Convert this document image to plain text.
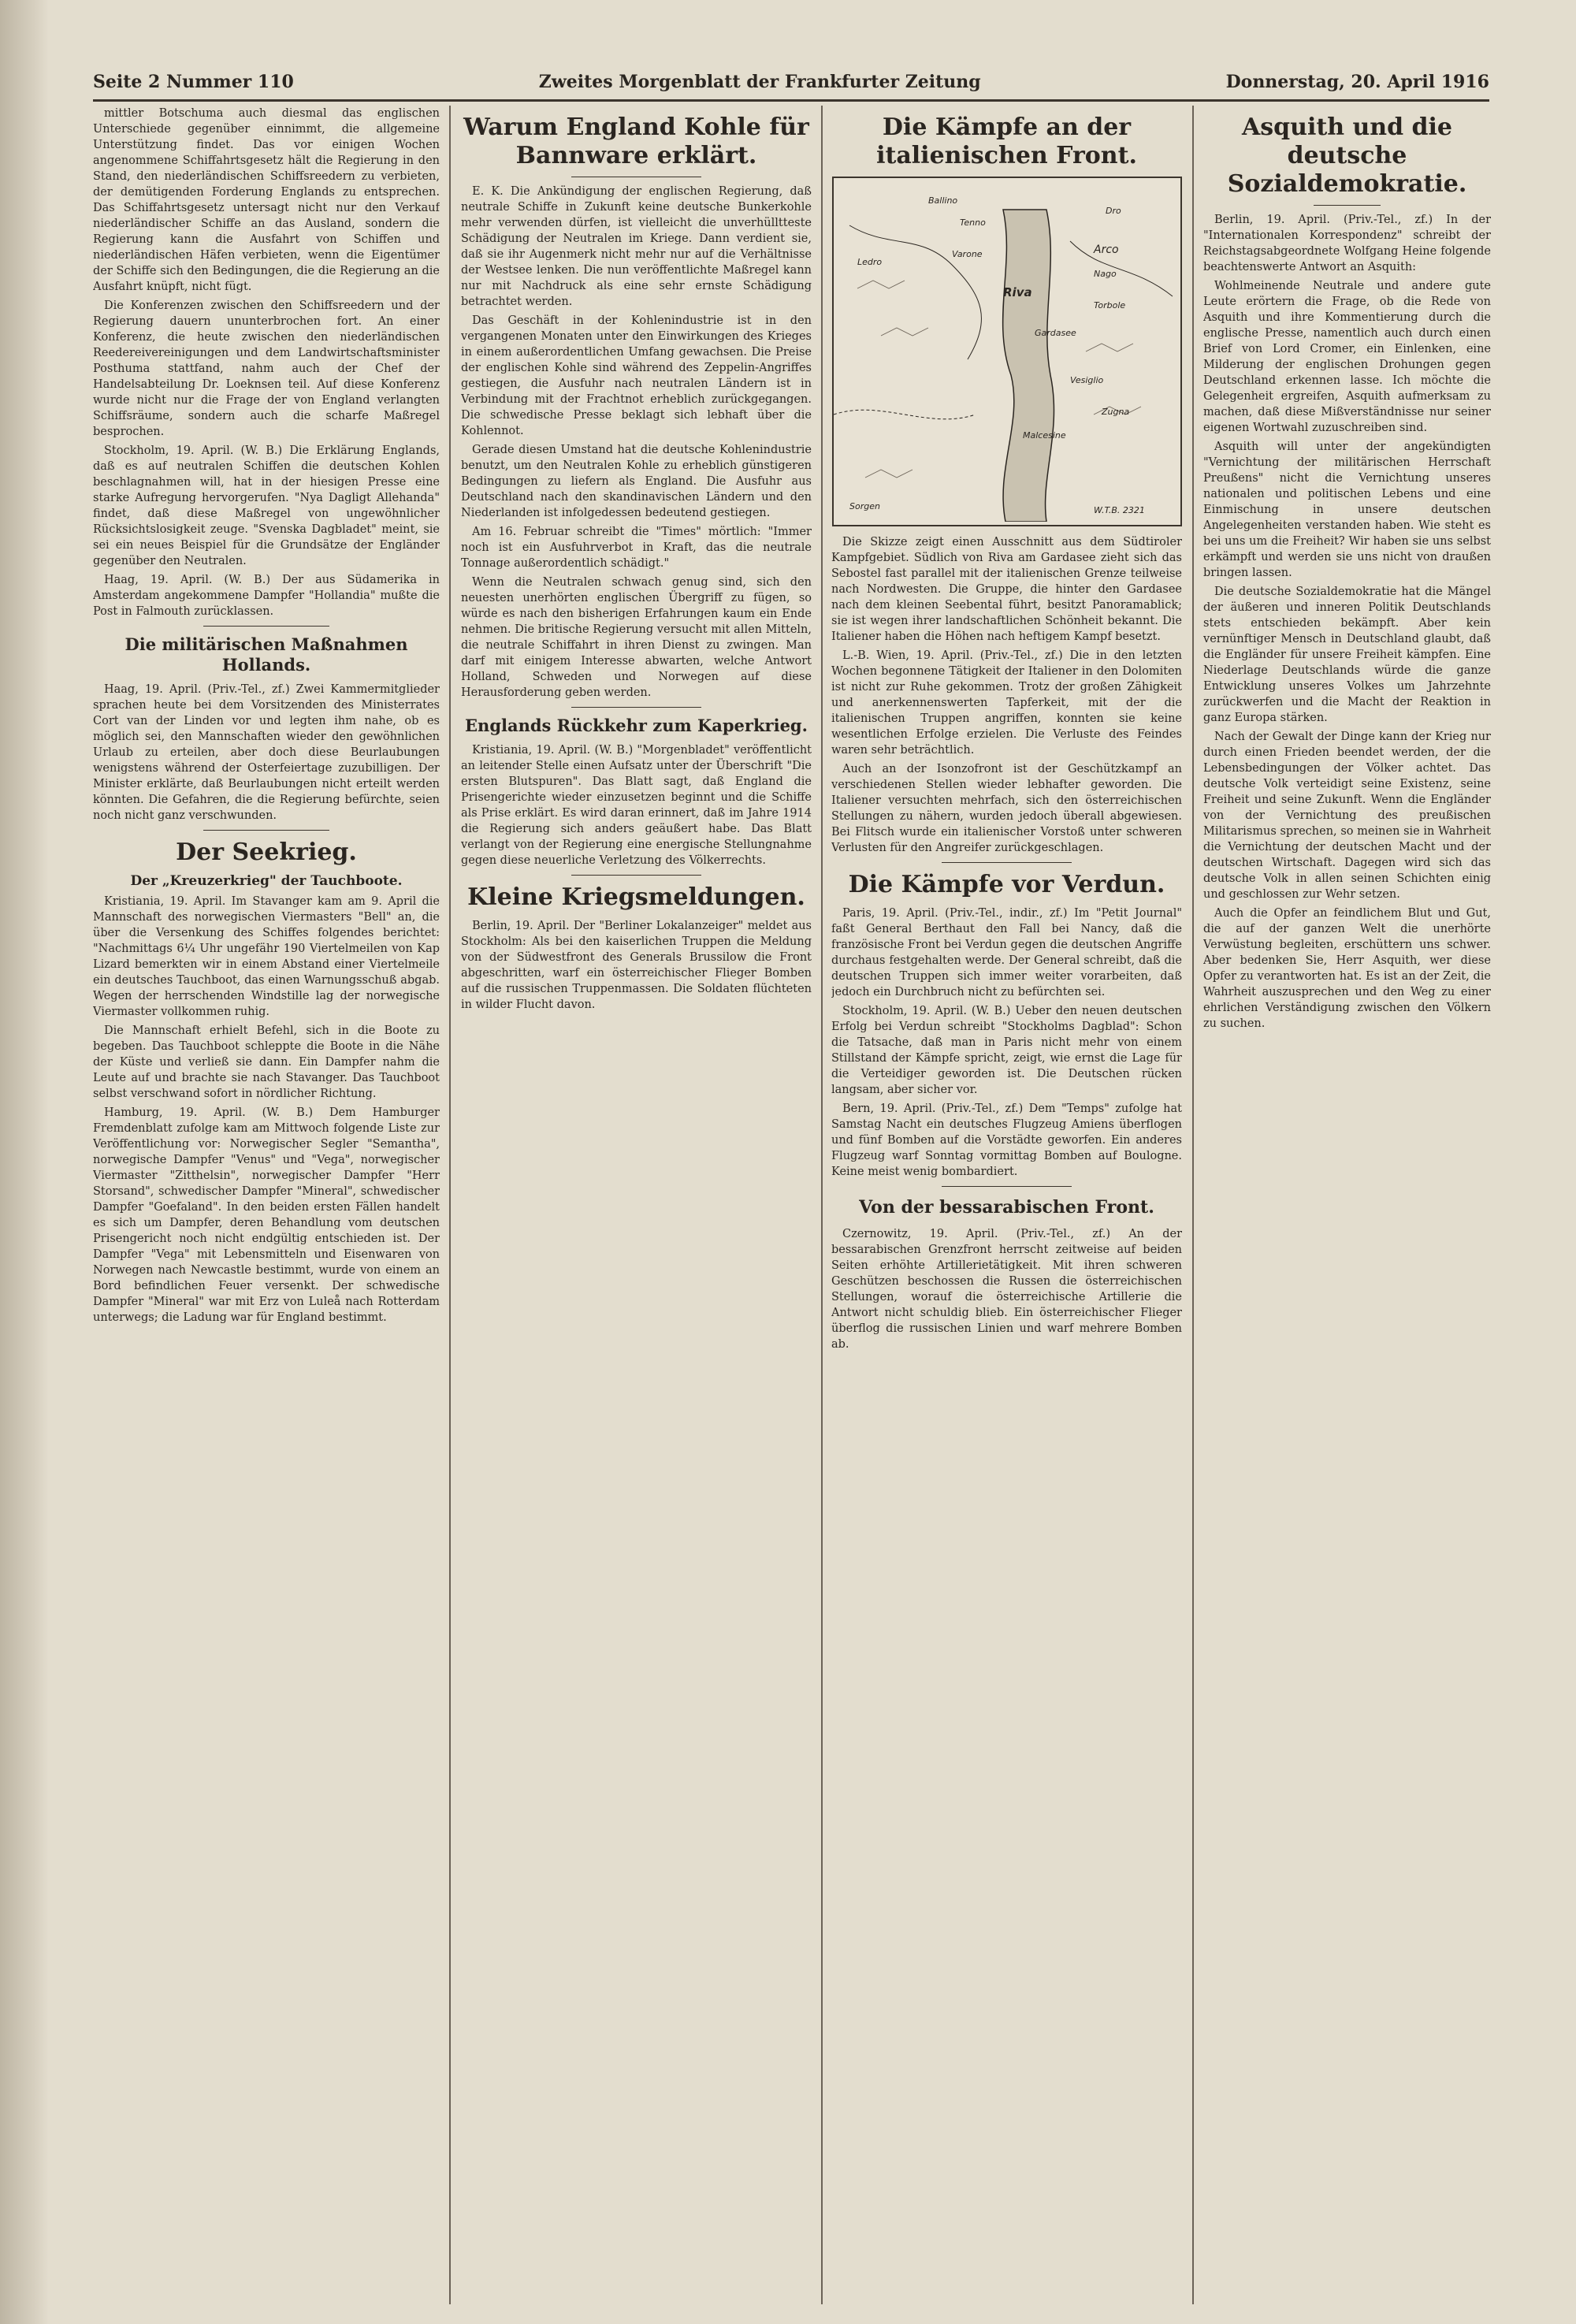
Seite 2 Nummer 110	Zweites Morgenblatt der Frankfurter Zeitung	Donnerstag, 20. April 1916

mittler Botschuma auch diesmal das englischen Unterschiede gegenüber einnimmt, die allgemeine Unterstützung findet. Das vor einigen Wochen angenommene Schiffahrtsgesetz hält die Regierung in den Stand, den niederländischen Schiffsreedern zu verbieten, der demütigenden Forderung Englands zu entsprechen. Das Schiffahrtsgesetz untersagt nicht nur den Verkauf niederländischer Schiffe an das Ausland, sondern die Regierung kann die Ausfahrt von Schiffen und niederländischen Häfen verbieten, wenn die Eigentümer der Schiffe sich den Bedingungen, die die Regierung an die Ausfahrt knüpft, nicht fügt.

Die Konferenzen zwischen den Schiffsreedern und der Regierung dauern ununterbrochen fort. An einer Konferenz, die heute zwischen den niederländischen Reedereivereinigungen und dem Landwirtschaftsminister Posthuma stattfand, nahm auch der Chef der Handelsabteilung Dr. Loeknsen teil. Auf diese Konferenz wurde nicht nur die Frage der von England verlangten Schiffsräume, sondern auch die scharfe Maßregel besprochen.

Stockholm, 19. April. (W. B.) Die Erklärung Englands, daß es auf neutralen Schiffen die deutschen Kohlen beschlagnahmen will, hat in der hiesigen Presse eine starke Aufregung hervorgerufen. "Nya Dagligt Allehanda" findet, daß diese Maßregel von ungewöhnlicher Rücksichtslosigkeit zeuge. "Svenska Dagbladet" meint, sie sei ein neues Beispiel für die Grundsätze der Engländer gegenüber den Neutralen.

Haag, 19. April. (W. B.) Der aus Südamerika in Amsterdam angekommene Dampfer "Hollandia" mußte die Post in Falmouth zurücklassen.

Die militärischen Maßnahmen Hollands.

Haag, 19. April. (Priv.-Tel., zf.) Zwei Kammermitglieder sprachen heute bei dem Vorsitzenden des Ministerrates Cort van der Linden vor und legten ihm nahe, ob es möglich sei, den Mannschaften wieder den gewöhnlichen Urlaub zu erteilen, aber doch diese Beurlaubungen wenigstens während der Osterfeiertage zuzubilligen. Der Minister erklärte, daß Beurlaubungen nicht erteilt werden könnten. Die Gefahren, die die Regierung befürchte, seien noch nicht ganz verschwunden.

Der Seekrieg.
Der „Kreuzerkrieg" der Tauchboote.

Kristiania, 19. April. Im Stavanger kam am 9. April die Mannschaft des norwegischen Viermasters "Bell" an, die über die Versenkung des Schiffes folgendes berichtet: "Nachmittags 6¼ Uhr ungefähr 190 Viertelmeilen von Kap Lizard bemerkten wir in einem Abstand einer Viertelmeile ein deutsches Tauchboot, das einen Warnungsschuß abgab. Wegen der herrschenden Windstille lag der norwegische Viermaster vollkommen ruhig.

Die Mannschaft erhielt Befehl, sich in die Boote zu begeben. Das Tauchboot schleppte die Boote in die Nähe der Küste und verließ sie dann. Ein Dampfer nahm die Leute auf und brachte sie nach Stavanger. Das Tauchboot selbst verschwand sofort in nördlicher Richtung.

Hamburg, 19. April. (W. B.) Dem Hamburger Fremdenblatt zufolge kam am Mittwoch folgende Liste zur Veröffentlichung vor: Norwegischer Segler "Semantha", norwegische Dampfer "Venus" und "Vega", norwegischer Viermaster "Zitthelsin", norwegischer Dampfer "Herr Storsand", schwedischer Dampfer "Mineral", schwedischer Dampfer "Goefaland". In den beiden ersten Fällen handelt es sich um Dampfer, deren Behandlung vom deutschen Prisengericht noch nicht endgültig entschieden ist. Der Dampfer "Vega" mit Lebensmitteln und Eisenwaren von Norwegen nach Newcastle bestimmt, wurde von einem an Bord befindlichen Feuer versenkt. Der schwedische Dampfer "Mineral" war mit Erz von Luleå nach Rotterdam unterwegs; die Ladung war für England bestimmt.

Warum England Kohle für Bannware erklärt.

E. K. Die Ankündigung der englischen Regierung, daß neutrale Schiffe in Zukunft keine deutsche Bunkerkohle mehr verwenden dürfen, ist vielleicht die unverhülltteste Schädigung der Neutralen im Kriege. Dann verdient sie, daß sie ihr Augenmerk nicht mehr nur auf die Verhältnisse der Westsee lenken. Die nun veröffentlichte Maßregel kann nur mit Nachdruck als eine sehr ernste Schädigung betrachtet werden.

Das Geschäft in der Kohlenindustrie ist in den vergangenen Monaten unter den Einwirkungen des Krieges in einem außerordentlichen Umfang gewachsen. Die Preise der englischen Kohle sind während des Zeppelin-Angriffes gestiegen, die Ausfuhr nach neutralen Ländern ist in Verbindung mit der Frachtnot erheblich zurückgegangen. Die schwedische Presse beklagt sich lebhaft über die Kohlennot.

Gerade diesen Umstand hat die deutsche Kohlenindustrie benutzt, um den Neutralen Kohle zu erheblich günstigeren Bedingungen zu liefern als England. Die Ausfuhr aus Deutschland nach den skandinavischen Ländern und den Niederlanden ist infolgedessen bedeutend gestiegen.

Am 16. Februar schreibt die "Times" mörtlich: "Immer noch ist ein Ausfuhrverbot in Kraft, das die neutrale Tonnage außerordentlich schädigt."

Wenn die Neutralen schwach genug sind, sich den neuesten unerhörten englischen Übergriff zu fügen, so würde es nach den bisherigen Erfahrungen kaum ein Ende nehmen. Die britische Regierung versucht mit allen Mitteln, die neutrale Schiffahrt in ihren Dienst zu zwingen. Man darf mit einigem Interesse abwarten, welche Antwort Holland, Schweden und Norwegen auf diese Herausforderung geben werden.

Englands Rückkehr zum Kaperkrieg.

Kristiania, 19. April. (W. B.) "Morgenbladet" veröffentlicht an leitender Stelle einen Aufsatz unter der Überschrift "Die ersten Blutspuren". Das Blatt sagt, daß England die Prisengerichte wieder einzusetzen beginnt und die Schiffe als Prise erklärt. Es wird daran erinnert, daß im Jahre 1914 die Regierung sich anders geäußert habe. Das Blatt verlangt von der Regierung eine energische Stellungnahme gegen diese neuerliche Verletzung des Völkerrechts.

Kleine Kriegsmeldungen.

Berlin, 19. April. Der "Berliner Lokalanzeiger" meldet aus Stockholm: Als bei den kaiserlichen Truppen die Meldung von der Südwestfront des Generals Brussilow die Front abgeschritten, warf ein österreichischer Flieger Bomben auf die russischen Truppenmassen. Die Soldaten flüchteten in wilder Flucht davon.

Die Kämpfe an der italienischen Front.
Ballino
Gardasee
Riva
Arco
Dro
Torbole
Nago
Tenno
Varone
Ledro
Malcesine
Vesiglio
Zugna
Sorgen	W.T.B. 2321

Die Skizze zeigt einen Ausschnitt aus dem Südtiroler Kampfgebiet. Südlich von Riva am Gardasee zieht sich das Sebostel fast parallel mit der italienischen Grenze teilweise nach Nordwesten. Die Gruppe, die hinter den Gardasee nach dem kleinen Seebental führt, besitzt Panoramablick; sie ist wegen ihrer landschaftlichen Schönheit bekannt. Die Italiener haben die Höhen nach heftigem Kampf besetzt.

L.-B. Wien, 19. April. (Priv.-Tel., zf.) Die in den letzten Wochen begonnene Tätigkeit der Italiener in den Dolomiten ist nicht zur Ruhe gekommen. Trotz der großen Zähigkeit und anerkennenswerten Tapferkeit, mit der die italienischen Truppen angriffen, konnten sie keine wesentlichen Erfolge erzielen. Die Verluste des Feindes waren sehr beträchtlich.

Auch an der Isonzofront ist der Geschützkampf an verschiedenen Stellen wieder lebhafter geworden. Die Italiener versuchten mehrfach, sich den österreichischen Stellungen zu nähern, wurden jedoch überall abgewiesen. Bei Flitsch wurde ein italienischer Vorstoß unter schweren Verlusten für den Angreifer zurückgeschlagen.

Die Kämpfe vor Verdun.

Paris, 19. April. (Priv.-Tel., indir., zf.) Im "Petit Journal" faßt General Berthaut den Fall bei Nancy, daß die französische Front bei Verdun gegen die deutschen Angriffe durchaus festgehalten werde. Der General schreibt, daß die deutschen Truppen sich immer weiter vorarbeiten, daß jedoch ein Durchbruch nicht zu befürchten sei.

Stockholm, 19. April. (W. B.) Ueber den neuen deutschen Erfolg bei Verdun schreibt "Stockholms Dagblad": Schon die Tatsache, daß man in Paris nicht mehr von einem Stillstand der Kämpfe spricht, zeigt, wie ernst die Lage für die Verteidiger geworden ist. Die Deutschen rücken langsam, aber sicher vor.

Bern, 19. April. (Priv.-Tel., zf.) Dem "Temps" zufolge hat Samstag Nacht ein deutsches Flugzeug Amiens überflogen und fünf Bomben auf die Vorstädte geworfen. Ein anderes Flugzeug warf Sonntag vormittag Bomben auf Boulogne. Keine meist wenig bombardiert.

Von der bessarabischen Front.

Czernowitz, 19. April. (Priv.-Tel., zf.) An der bessarabischen Grenzfront herrscht zeitweise auf beiden Seiten erhöhte Artillerietätigkeit. Mit ihren schweren Geschützen beschossen die Russen die österreichischen Stellungen, worauf die österreichische Artillerie die Antwort nicht schuldig blieb. Ein österreichischer Flieger überflog die russischen Linien und warf mehrere Bomben ab.

Asquith und die deutsche Sozialdemokratie.

Berlin, 19. April. (Priv.-Tel., zf.) In der "Internationalen Korrespondenz" schreibt der Reichstagsabgeordnete Wolfgang Heine folgende beachtenswerte Antwort an Asquith:

Wohlmeinende Neutrale und andere gute Leute erörtern die Frage, ob die Rede von Asquith und ihre Kommentierung durch die englische Presse, namentlich auch durch einen Brief von Lord Cromer, ein Einlenken, eine Milderung der englischen Drohungen gegen Deutschland erkennen lasse. Ich möchte die Gelegenheit ergreifen, Asquith aufmerksam zu machen, daß diese Mißverständnisse nur seiner eigenen Wortwahl zuzuschreiben sind.

Asquith will unter der angekündigten "Vernichtung der militärischen Herrschaft Preußens" nicht die Vernichtung unseres nationalen und politischen Lebens und eine Einmischung in unsere deutschen Angelegenheiten verstanden haben. Wie steht es bei uns um die Freiheit? Wir haben sie uns selbst erkämpft und werden sie uns nicht von draußen bringen lassen.

Die deutsche Sozialdemokratie hat die Mängel der äußeren und inneren Politik Deutschlands stets entschieden bekämpft. Aber kein vernünftiger Mensch in Deutschland glaubt, daß die Engländer für unsere Freiheit kämpfen. Eine Niederlage Deutschlands würde die ganze Entwicklung unseres Volkes um Jahrzehnte zurückwerfen und die Macht der Reaktion in ganz Europa stärken.

Nach der Gewalt der Dinge kann der Krieg nur durch einen Frieden beendet werden, der die Lebensbedingungen der Völker achtet. Das deutsche Volk verteidigt seine Existenz, seine Freiheit und seine Zukunft. Wenn die Engländer von der Vernichtung des preußischen Militarismus sprechen, so meinen sie in Wahrheit die Vernichtung der deutschen Macht und der deutschen Wirtschaft. Dagegen wird sich das deutsche Volk in allen seinen Schichten einig und geschlossen zur Wehr setzen.

Auch die Opfer an feindlichem Blut und Gut, die auf der ganzen Welt die unerhörte Verwüstung begleiten, erschüttern uns schwer. Aber bedenken Sie, Herr Asquith, wer diese Opfer zu verantworten hat. Es ist an der Zeit, die Wahrheit auszusprechen und den Weg zu einer ehrlichen Verständigung zwischen den Völkern zu suchen.
